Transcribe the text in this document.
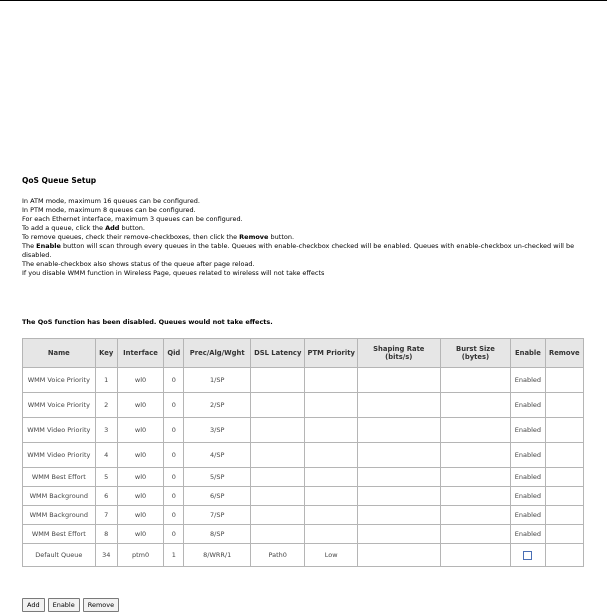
QoS Queue Setup
In ATM mode, maximum 16 queues can be configured.
In PTM mode, maximum 8 queues can be configured.
For each Ethernet interface, maximum 3 queues can be configured.
To add a queue, click the Add button.
To remove queues, check their remove-checkboxes, then click the Remove button.
The Enable button will scan through every queues in the table. Queues with enable-checkbox checked will be enabled. Queues with enable-checkbox un-checked will be disabled.
The enable-checkbox also shows status of the queue after page reload.
If you disable WMM function in Wireless Page, queues related to wireless will not take effects
The QoS function has been disabled. Queues would not take effects.
Name	Key	Interface	Qid	Prec/Alg/Wght	DSL Latency	PTM Priority	Shaping Rate (bits/s)	Burst Size (bytes)	Enable	Remove
WMM Voice Priority	1	wl0	0	1/SP					Enabled	
WMM Voice Priority	2	wl0	0	2/SP					Enabled	
WMM Video Priority	3	wl0	0	3/SP					Enabled	
WMM Video Priority	4	wl0	0	4/SP					Enabled	
WMM Best Effort	5	wl0	0	5/SP					Enabled	
WMM Background	6	wl0	0	6/SP					Enabled	
WMM Background	7	wl0	0	7/SP					Enabled	
WMM Best Effort	8	wl0	0	8/SP					Enabled	
Default Queue	34	ptm0	1	8/WRR/1	Path0	Low				
Add	Enable	Remove
